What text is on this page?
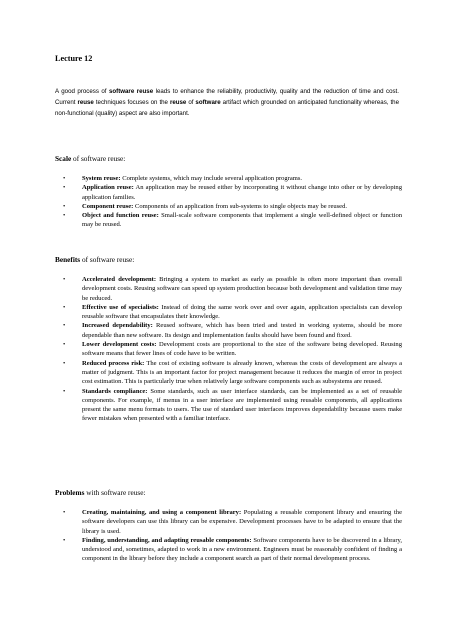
Lecture 12
A good process of software reuse leads to enhance the reliability, productivity, quality and the reduction of time and cost. Current reuse techniques focuses on the reuse of software artifact which grounded on anticipated functionality whereas, the non-functional (quality) aspect are also important.
Scale of software reuse:
•	System reuse: Complete systems, which may include several application programs.
•	Application reuse: An application may be reused either by incorporating it without change into other or by developing application families.
•	Component reuse: Components of an application from sub-systems to single objects may be reused.
•	Object and function reuse: Small-scale software components that implement a single well-defined object or function may be reused.
Benefits of software reuse:
•	Accelerated development: Bringing a system to market as early as possible is often more important than overall development costs. Reusing software can speed up system production because both development and validation time may be reduced.
•	Effective use of specialists: Instead of doing the same work over and over again, application specialists can develop reusable software that encapsulates their knowledge.
•	Increased dependability: Reused software, which has been tried and tested in working systems, should be more dependable than new software. Its design and implementation faults should have been found and fixed.
•	Lower development costs: Development costs are proportional to the size of the software being developed. Reusing software means that fewer lines of code have to be written.
•	Reduced process risk: The cost of existing software is already known, whereas the costs of development are always a matter of judgment. This is an important factor for project management because it reduces the margin of error in project cost estimation. This is particularly true when relatively large software components such as subsystems are reused.
•	Standards compliance: Some standards, such as user interface standards, can be implemented as a set of reusable components. For example, if menus in a user interface are implemented using reusable components, all applications present the same menu formats to users. The use of standard user interfaces improves dependability because users make fewer mistakes when presented with a familiar interface.
Problems with software reuse:
•	Creating, maintaining, and using a component library: Populating a reusable component library and ensuring the software developers can use this library can be expensive. Development processes have to be adapted to ensure that the library is used.
•	Finding, understanding, and adapting reusable components: Software components have to be discovered in a library, understood and, sometimes, adapted to work in a new environment. Engineers must be reasonably confident of finding a component in the library before they include a component search as part of their normal development process.
